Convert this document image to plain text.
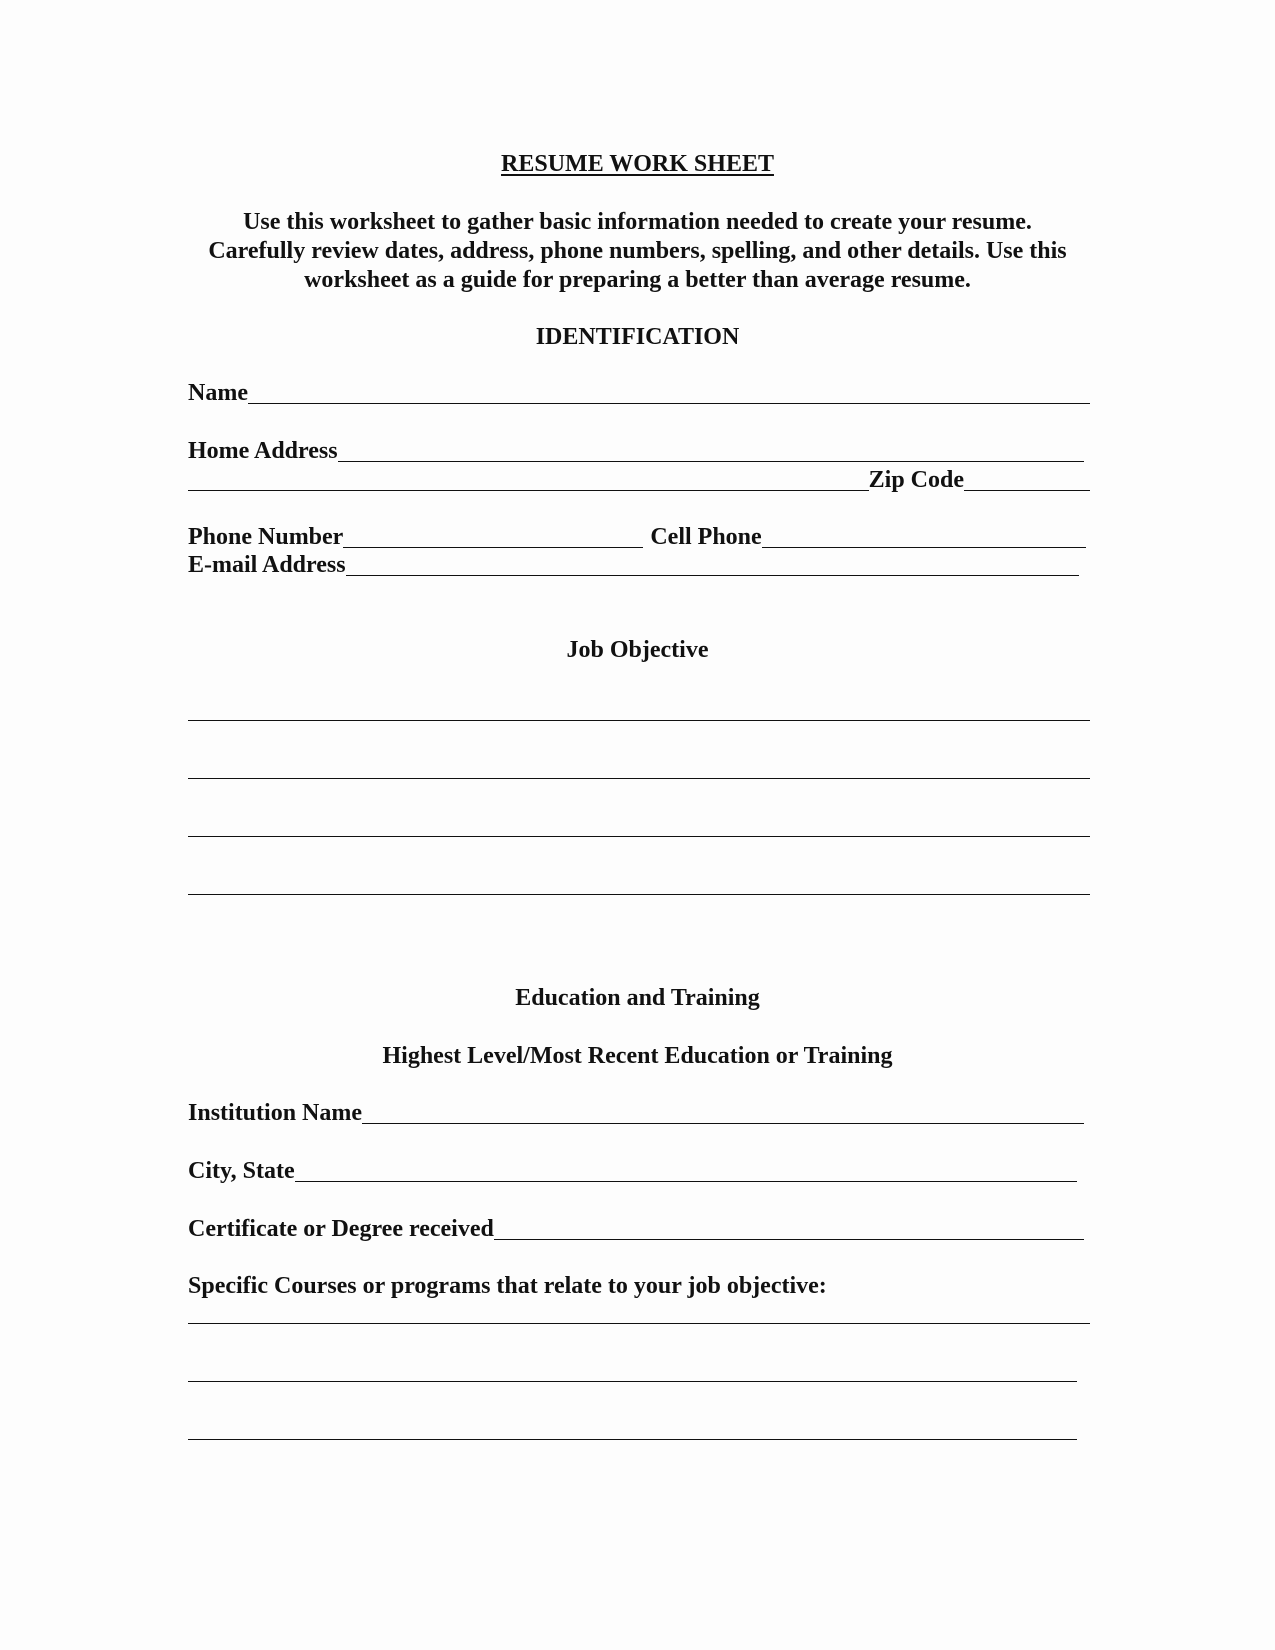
RESUME WORK SHEET
Use this worksheet to gather basic information needed to create your resume.
Carefully review dates, address, phone numbers, spelling, and other details. Use this
worksheet as a guide for preparing a better than average resume.
IDENTIFICATION
Name
Home Address
Zip Code
Phone Number	Cell Phone
E-mail Address
Job Objective
Education and Training
Highest Level/Most Recent Education or Training
Institution Name
City, State
Certificate or Degree received
Specific Courses or programs that relate to your job objective:
